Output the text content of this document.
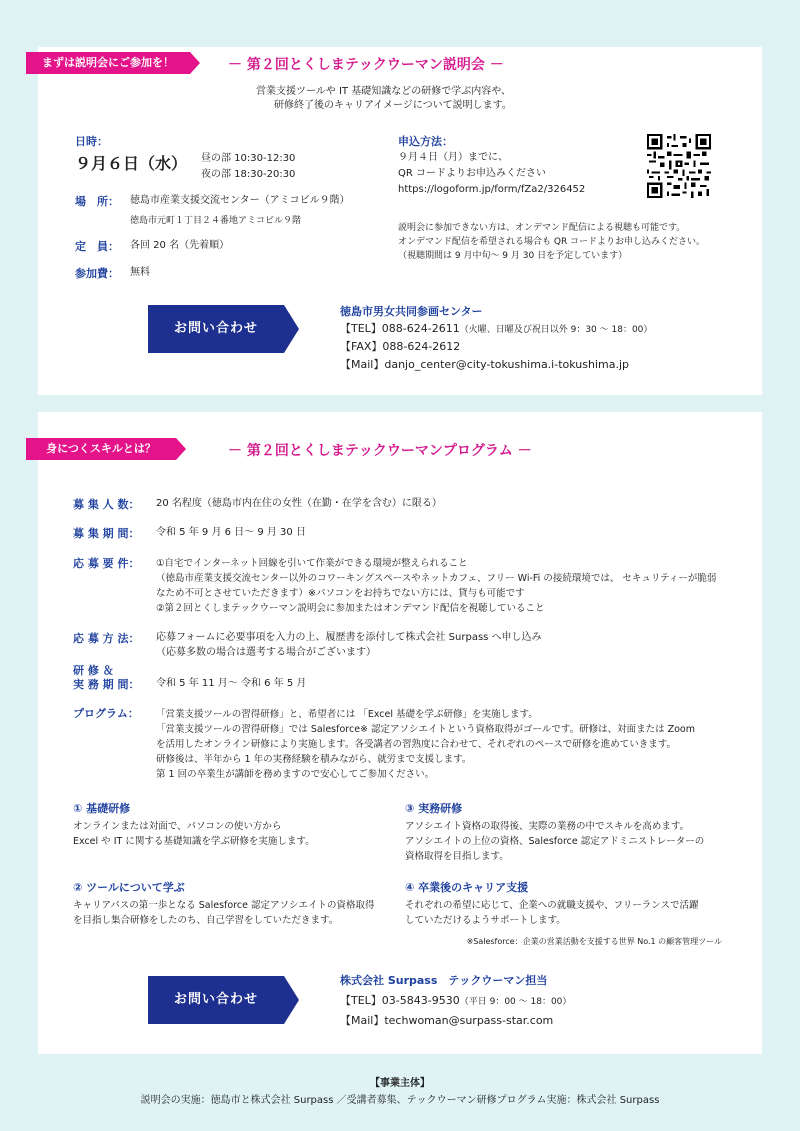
まずは説明会にご参加を！	－ 第２回とくしまテックウーマン説明会 －
営業支援ツールや IT 基礎知識などの研修で学ぶ内容や、
研修終了後のキャリアイメージについて説明します。
日時：
９月６日（水） 昼の部 10:30-12:30
夜の部 18:30-20:30
場　所： 徳島市産業支援交流センター（アミコビル９階）
徳島市元町１丁目２４番地アミコビル９階
定　員： 各回 20 名（先着順）
参加費： 無料
申込方法：
９月４日（月）までに、
QR コードよりお申込みください
https://logoform.jp/form/fZa2/326452
説明会に参加できない方は、オンデマンド配信による視聴も可能です。
オンデマンド配信を希望される場合も QR コードよりお申し込みください。
（視聴期間は 9 月中旬～ 9 月 30 日を予定しています）
お問い合わせ
徳島市男女共同参画センター
【TEL】088-624-2611（火曜、日曜及び祝日以外 9：30 ～ 18：00）
【FAX】088-624-2612
【Mail】danjo_center@city-tokushima.i-tokushima.jp
身につくスキルとは？	－ 第２回とくしまテックウーマンプログラム －
募 集 人 数： 20 名程度（徳島市内在住の女性（在勤・在学を含む）に限る）
募 集 期 間： 令和 5 年 9 月 6 日～ 9 月 30 日
応 募 要 件： ①自宅でインターネット回線を引いて作業ができる環境が整えられること
（徳島市産業支援交流センター以外のコワーキングスペースやネットカフェ、フリー Wi-Fi の接続環境では、 セキュリティーが脆弱
なため不可とさせていただきます）※パソコンをお持ちでない方には、貸与も可能です
②第２回とくしまテックウーマン説明会に参加またはオンデマンド配信を視聴していること
応 募 方 法： 応募フォームに必要事項を入力の上、履歴書を添付して株式会社 Surpass へ申し込み
（応募多数の場合は選考する場合がございます）
研 修 ＆
実 務 期 間： 令和 5 年 11 月～ 令和 6 年 5 月
プログラム： 「営業支援ツールの習得研修」と、希望者には 「Excel 基礎を学ぶ研修」を実施します。
「営業支援ツールの習得研修」では Salesforce※ 認定アソシエイトという資格取得がゴールです。研修は、対面または Zoom
を活用したオンライン研修により実施します。各受講者の習熟度に合わせて、それぞれのペースで研修を進めていきます。
研修後は、半年から 1 年の実務経験を積みながら、就労まで支援します。
第 1 回の卒業生が講師を務めますので安心してご参加ください。
① 基礎研修
オンラインまたは対面で、パソコンの使い方から
Excel や IT に関する基礎知識を学ぶ研修を実施します。
③ 実務研修
アソシエイト資格の取得後、実際の業務の中でスキルを高めます。
アソシエイトの上位の資格、Salesforce 認定アドミニストレーターの
資格取得を目指します。
② ツールについて学ぶ
キャリアパスの第一歩となる Salesforce 認定アソシエイトの資格取得
を目指し集合研修をしたのち、自己学習をしていただきます。
④ 卒業後のキャリア支援
それぞれの希望に応じて、企業への就職支援や、フリーランスで活躍
していただけるようサポートします。
※Salesforce：企業の営業活動を支援する世界 No.1 の顧客管理ツール
お問い合わせ
株式会社 Surpass　テックウーマン担当
【TEL】03-5843-9530（平日 9：00 ～ 18：00）
【Mail】techwoman@surpass-star.com
【事業主体】
説明会の実施：徳島市と株式会社 Surpass ／受講者募集、テックウーマン研修プログラム実施：株式会社 Surpass
